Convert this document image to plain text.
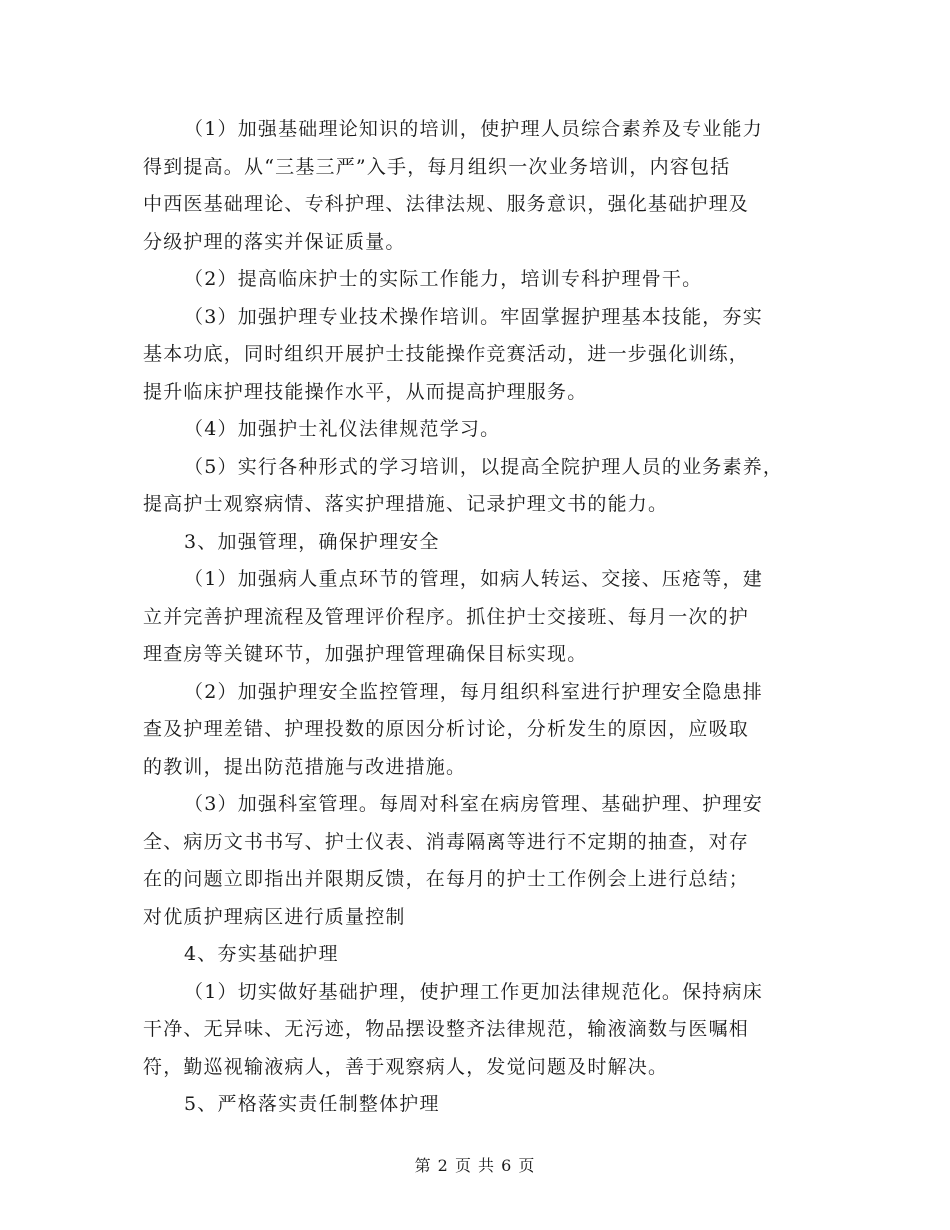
（1）加强基础理论知识的培训，使护理人员综合素养及专业能力
得到提高。从“三基三严”入手，每月组织一次业务培训，内容包括
中西医基础理论、专科护理、法律法规、服务意识，强化基础护理及
分级护理的落实并保证质量。
（2）提高临床护士的实际工作能力，培训专科护理骨干。
（3）加强护理专业技术操作培训。牢固掌握护理基本技能，夯实
基本功底，同时组织开展护士技能操作竞赛活动，进一步强化训练，
提升临床护理技能操作水平，从而提高护理服务。
（4）加强护士礼仪法律规范学习。
（5）实行各种形式的学习培训，以提高全院护理人员的业务素养，
提高护士观察病情、落实护理措施、记录护理文书的能力。
3、加强管理，确保护理安全
（1）加强病人重点环节的管理，如病人转运、交接、压疮等，建
立并完善护理流程及管理评价程序。抓住护士交接班、每月一次的护
理查房等关键环节，加强护理管理确保目标实现。
（2）加强护理安全监控管理，每月组织科室进行护理安全隐患排
查及护理差错、护理投数的原因分析讨论，分析发生的原因，应吸取
的教训，提出防范措施与改进措施。
（3）加强科室管理。每周对科室在病房管理、基础护理、护理安
全、病历文书书写、护士仪表、消毒隔离等进行不定期的抽查，对存
在的问题立即指出并限期反馈，在每月的护士工作例会上进行总结；
对优质护理病区进行质量控制
4、夯实基础护理
（1）切实做好基础护理，使护理工作更加法律规范化。保持病床
干净、无异味、无污迹，物品摆设整齐法律规范，输液滴数与医嘱相
符，勤巡视输液病人，善于观察病人，发觉问题及时解决。
5、严格落实责任制整体护理
第 2 页 共 6 页
